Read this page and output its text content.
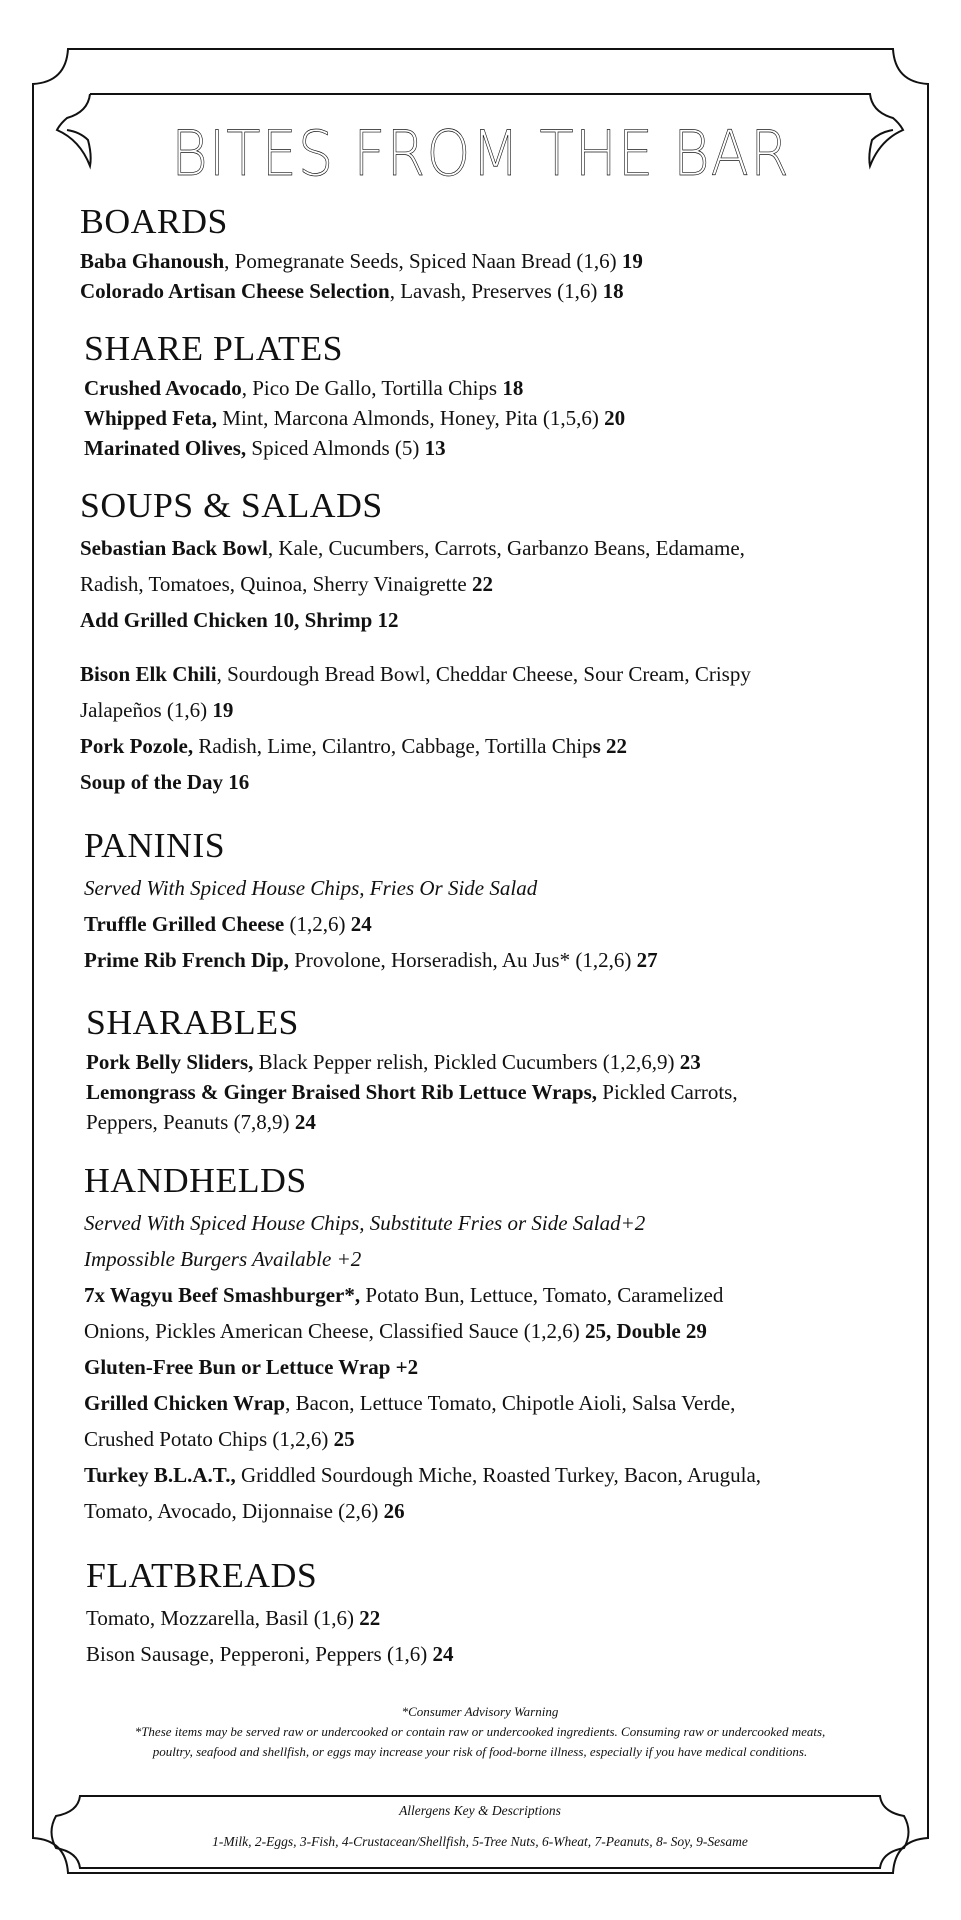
BITES FROM THE BAR
BOARDS
Baba Ghanoush, Pomegranate Seeds, Spiced Naan Bread (1,6) 19
Colorado Artisan Cheese Selection, Lavash, Preserves (1,6) 18
SHARE PLATES
Crushed Avocado, Pico De Gallo, Tortilla Chips 18
Whipped Feta, Mint, Marcona Almonds, Honey, Pita (1,5,6) 20
Marinated Olives, Spiced Almonds (5) 13
SOUPS & SALADS
Sebastian Back Bowl, Kale, Cucumbers, Carrots, Garbanzo Beans, Edamame,
Radish, Tomatoes, Quinoa, Sherry Vinaigrette 22
Add Grilled Chicken 10, Shrimp 12
Bison Elk Chili, Sourdough Bread Bowl, Cheddar Cheese, Sour Cream, Crispy
Jalapeños (1,6) 19
Pork Pozole, Radish, Lime, Cilantro, Cabbage, Tortilla Chips 22
Soup of the Day 16
PANINIS
Served With Spiced House Chips, Fries Or Side Salad
Truffle Grilled Cheese (1,2,6) 24
Prime Rib French Dip, Provolone, Horseradish, Au Jus* (1,2,6) 27
SHARABLES
Pork Belly Sliders, Black Pepper relish, Pickled Cucumbers (1,2,6,9) 23
Lemongrass & Ginger Braised Short Rib Lettuce Wraps, Pickled Carrots,
Peppers, Peanuts (7,8,9) 24
HANDHELDS
Served With Spiced House Chips, Substitute Fries or Side Salad+2
Impossible Burgers Available +2
7x Wagyu Beef Smashburger*, Potato Bun, Lettuce, Tomato, Caramelized
Onions, Pickles American Cheese, Classified Sauce (1,2,6) 25, Double 29
Gluten-Free Bun or Lettuce Wrap +2
Grilled Chicken Wrap, Bacon, Lettuce Tomato, Chipotle Aioli, Salsa Verde,
Crushed Potato Chips (1,2,6) 25
Turkey B.L.A.T., Griddled Sourdough Miche, Roasted Turkey, Bacon, Arugula,
Tomato, Avocado, Dijonnaise (2,6) 26
FLATBREADS
Tomato, Mozzarella, Basil (1,6) 22
Bison Sausage, Pepperoni, Peppers (1,6) 24
*Consumer Advisory Warning
*These items may be served raw or undercooked or contain raw or undercooked ingredients. Consuming raw or undercooked meats,
poultry, seafood and shellfish, or eggs may increase your risk of food-borne illness, especially if you have medical conditions.
Allergens Key & Descriptions
1-Milk, 2-Eggs, 3-Fish, 4-Crustacean/Shellfish, 5-Tree Nuts, 6-Wheat, 7-Peanuts, 8- Soy, 9-Sesame
